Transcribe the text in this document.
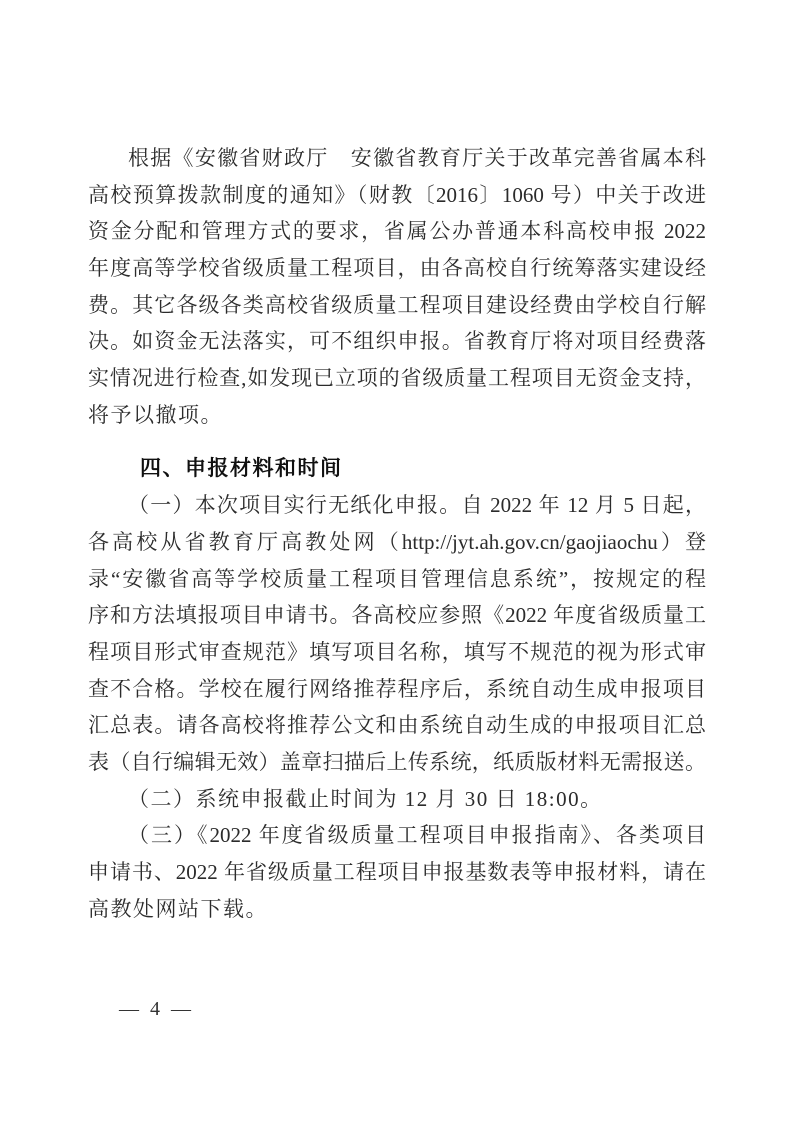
根据《安徽省财政厅　安徽省教育厅关于改革完善省属本科
高校预算拨款制度的通知》（财教〔2016〕1060 号）中关于改进
资金分配和管理方式的要求，省属公办普通本科高校申报 2022
年度高等学校省级质量工程项目，由各高校自行统筹落实建设经
费。其它各级各类高校省级质量工程项目建设经费由学校自行解
决。如资金无法落实，可不组织申报。省教育厅将对项目经费落
实情况进行检查,如发现已立项的省级质量工程项目无资金支持，
将予以撤项。
四、申报材料和时间
（一）本次项目实行无纸化申报。自 2022 年 12 月 5 日起，
各高校从省教育厅高教处网（http://jyt.ah.gov.cn/gaojiaochu）登
录“安徽省高等学校质量工程项目管理信息系统”，按规定的程
序和方法填报项目申请书。各高校应参照《2022 年度省级质量工
程项目形式审查规范》填写项目名称，填写不规范的视为形式审
查不合格。学校在履行网络推荐程序后，系统自动生成申报项目
汇总表。请各高校将推荐公文和由系统自动生成的申报项目汇总
表（自行编辑无效）盖章扫描后上传系统，纸质版材料无需报送。
（二）系统申报截止时间为 12 月 30 日 18:00。
（三）《2022 年度省级质量工程项目申报指南》、各类项目
申请书、2022 年省级质量工程项目申报基数表等申报材料，请在
高教处网站下载。
— 4 —
